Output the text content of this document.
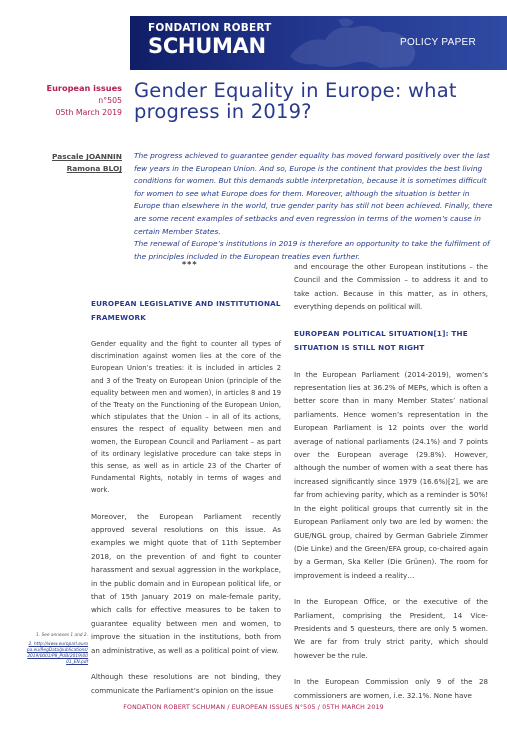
FONDATION ROBERT
SCHUMAN	POLICY PAPER
European issues
n°505
05th March 2019
Gender Equality in Europe: what progress in 2019?
Pascale JOANNIN
Ramona BLOJ

The progress achieved to guarantee gender equality has moved forward positively over the last few years in the European Union. And so, Europe is the continent that provides the best living conditions for women. But this demands subtle interpretation, because it is sometimes difficult for women to see what Europe does for them. Moreover, although the situation is better in Europe than elsewhere in the world, true gender parity has still not been achieved. Finally, there are some recent examples of setbacks and even regression in terms of the women’s cause in certain Member States.

The renewal of Europe’s institutions in 2019 is therefore an opportunity to take the fulfilment of the principles included in the European treaties even further.

***
EUROPEAN LEGISLATIVE AND INSTITUTIONAL FRAMEWORK

Gender equality and the fight to counter all types of discrimination against women lies at the core of the European Union’s treaties: it is included in articles 2 and 3 of the Treaty on European Union (principle of the equality between men and women), in articles 8 and 19 of the Treaty on the Functioning of the European Union, which stipulates that the Union – in all of its actions, ensures the respect of equality between men and women, the European Council and Parliament – as part of its ordinary legislative procedure can take steps in this sense, as well as in article 23 of the Charter of Fundamental Rights, notably in terms of wages and work.

Moreover, the European Parliament recently approved several resolutions on this issue. As examples we might quote that of 11th September 2018, on the prevention of and fight to counter harassment and sexual aggression in the workplace, in the public domain and in European political life, or that of 15th January 2019 on male-female parity, which calls for effective measures to be taken to guarantee equality between men and women, to improve the situation in the institutions, both from an administrative, as well as a political point of view.

Although these resolutions are not binding, they communicate the Parliament’s opinion on the issue

and encourage the other European institutions – the Council and the Commission – to address it and to take action. Because in this matter, as in others, everything depends on political will.

EUROPEAN POLITICAL SITUATION[1]: THE SITUATION IS STILL NOT RIGHT

In the European Parliament (2014-2019), women’s representation lies at 36.2% of MEPs, which is often a better score than in many Member States’ national parliaments. Hence women’s representation in the European Parliament is 12 points over the world average of national parliaments (24.1%) and 7 points over the European average (29.8%). However, although the number of women with a seat there has increased significantly since 1979 (16.6%)[2], we are far from achieving parity, which as a reminder is 50%! In the eight political groups that currently sit in the European Parliament only two are led by women: the GUE/NGL group, chaired by German Gabriele Zimmer (Die Linke) and the Green/EFA group, co-chaired again by a German, Ska Keller (Die Grünen). The room for improvement is indeed a reality…

In the European Office, or the executive of the Parliament, comprising the President, 14 Vice-Presidents and 5 questeurs, there are only 5 women. We are far from truly strict parity, which should however be the rule.

In the European Commission only 9 of the 28 commissioners are women, i.e. 32.1%. None have

1. See annexes 1 and 2.
2. http://www.europarl.europa.eu/RegData/publications/2019/0001/P8_PUB(2019)0001_EN.pdf
FONDATION ROBERT SCHUMAN / EUROPEAN ISSUES N°505 / 05TH MARCH 2019
